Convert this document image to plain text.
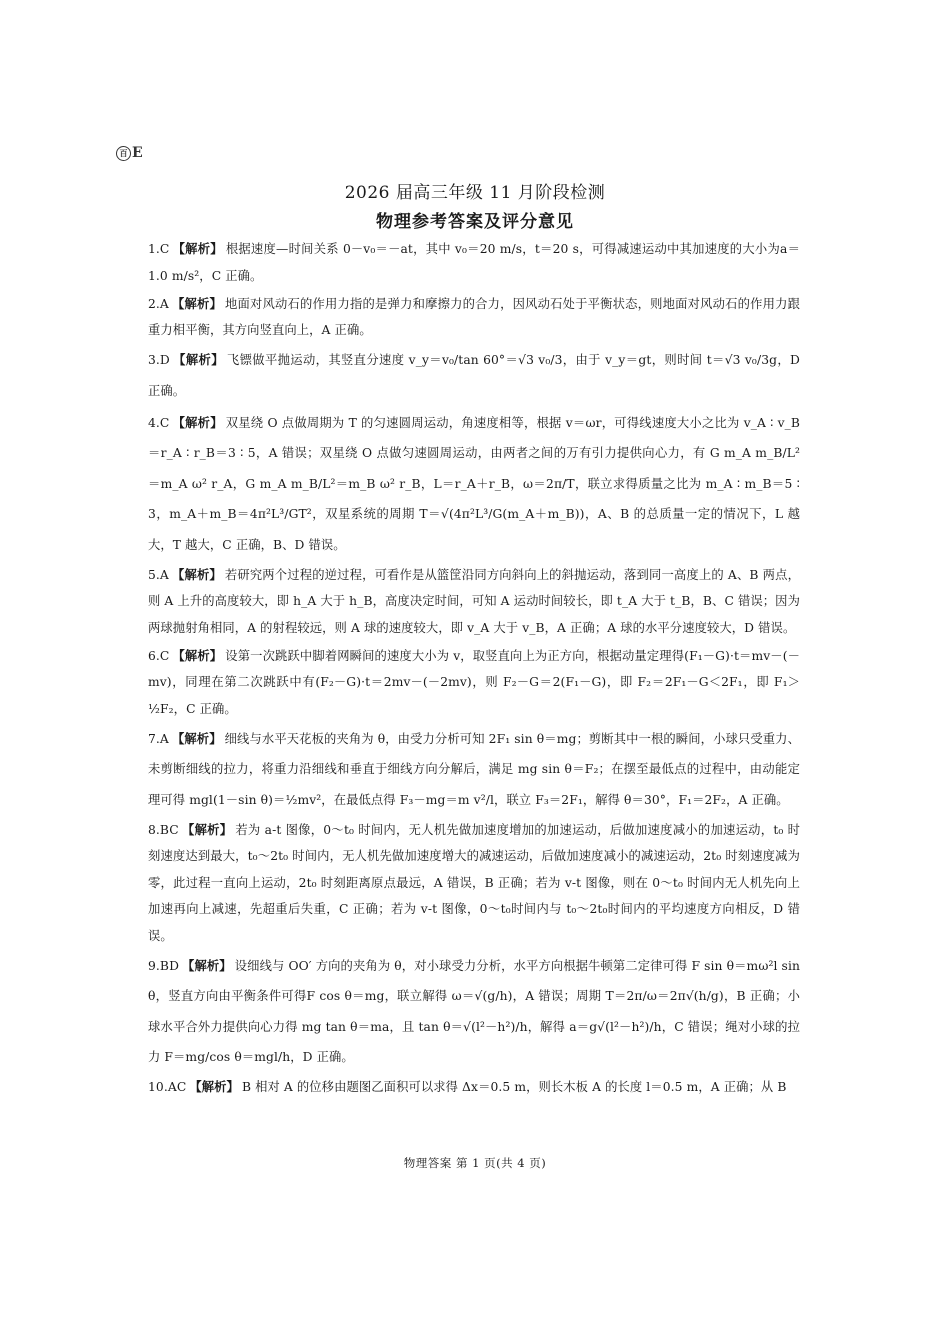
百 E
2026 届高三年级 11 月阶段检测
物理参考答案及评分意见
1.C 【解析】 根据速度—时间关系 0－v₀＝－at，其中 v₀＝20 m/s，t＝20 s，可得减速运动中其加速度的大小为a＝1.0 m/s²，C 正确。
2.A 【解析】 地面对风动石的作用力指的是弹力和摩擦力的合力，因风动石处于平衡状态，则地面对风动石的作用力跟重力相平衡，其方向竖直向上，A 正确。
3.D 【解析】 飞镖做平抛运动，其竖直分速度 v_y＝v₀/tan 60°＝√3 v₀/3，由于 v_y＝gt，则时间 t＝√3 v₀/3g，D 正确。
4.C 【解析】 双星绕 O 点做周期为 T 的匀速圆周运动，角速度相等，根据 v＝ωr，可得线速度大小之比为 v_A ∶ v_B＝r_A ∶ r_B＝3 ∶ 5，A 错误；双星绕 O 点做匀速圆周运动，由两者之间的万有引力提供向心力，有 G m_A m_B/L²＝m_A ω² r_A，G m_A m_B/L²＝m_B ω² r_B，L＝r_A＋r_B，ω＝2π/T，联立求得质量之比为 m_A ∶ m_B＝5 ∶ 3，m_A＋m_B＝4π²L³/GT²，双星系统的周期 T＝√(4π²L³/G(m_A＋m_B))，A、B 的总质量一定的情况下，L 越大，T 越大，C 正确，B、D 错误。
5.A 【解析】 若研究两个过程的逆过程，可看作是从篮筐沿同方向斜向上的斜抛运动，落到同一高度上的 A、B 两点，则 A 上升的高度较大，即 h_A 大于 h_B，高度决定时间，可知 A 运动时间较长，即 t_A 大于 t_B，B、C 错误；因为两球抛射角相同，A 的射程较远，则 A 球的速度较大，即 v_A 大于 v_B，A 正确；A 球的水平分速度较大，D 错误。
6.C 【解析】 设第一次跳跃中脚着网瞬间的速度大小为 v，取竖直向上为正方向，根据动量定理得(F₁－G)·t＝mv－(－mv)，同理在第二次跳跃中有(F₂－G)·t＝2mv－(－2mv)，则 F₂－G＝2(F₁－G)，即 F₂＝2F₁－G＜2F₁，即 F₁＞½F₂，C 正确。
7.A 【解析】 细线与水平天花板的夹角为 θ，由受力分析可知 2F₁ sin θ＝mg；剪断其中一根的瞬间，小球只受重力、未剪断细线的拉力，将重力沿细线和垂直于细线方向分解后，满足 mg sin θ＝F₂；在摆至最低点的过程中，由动能定理可得 mgl(1－sin θ)＝½mv²，在最低点得 F₃－mg＝m v²/l，联立 F₃＝2F₁，解得 θ＝30°，F₁＝2F₂，A 正确。
8.BC 【解析】 若为 a-t 图像，0～t₀ 时间内，无人机先做加速度增加的加速运动，后做加速度减小的加速运动，t₀ 时刻速度达到最大，t₀～2t₀ 时间内，无人机先做加速度增大的减速运动，后做加速度减小的减速运动，2t₀ 时刻速度减为零，此过程一直向上运动，2t₀ 时刻距离原点最远，A 错误，B 正确；若为 v-t 图像，则在 0～t₀ 时间内无人机先向上加速再向上减速，先超重后失重，C 正确；若为 v-t 图像，0～t₀时间内与 t₀～2t₀时间内的平均速度方向相反，D 错误。
9.BD 【解析】 设细线与 OO′ 方向的夹角为 θ，对小球受力分析，水平方向根据牛顿第二定律可得 F sin θ＝mω²l sin θ，竖直方向由平衡条件可得F cos θ＝mg，联立解得 ω＝√(g/h)，A 错误；周期 T＝2π/ω＝2π√(h/g)，B 正确；小球水平合外力提供向心力得 mg tan θ＝ma，且 tan θ＝√(l²－h²)/h，解得 a＝g√(l²－h²)/h，C 错误；绳对小球的拉力 F＝mg/cos θ＝mgl/h，D 正确。
10.AC 【解析】 B 相对 A 的位移由题图乙面积可以求得 Δx＝0.5 m，则长木板 A 的长度 l＝0.5 m，A 正确；从 B
物理答案 第 1 页(共 4 页)
